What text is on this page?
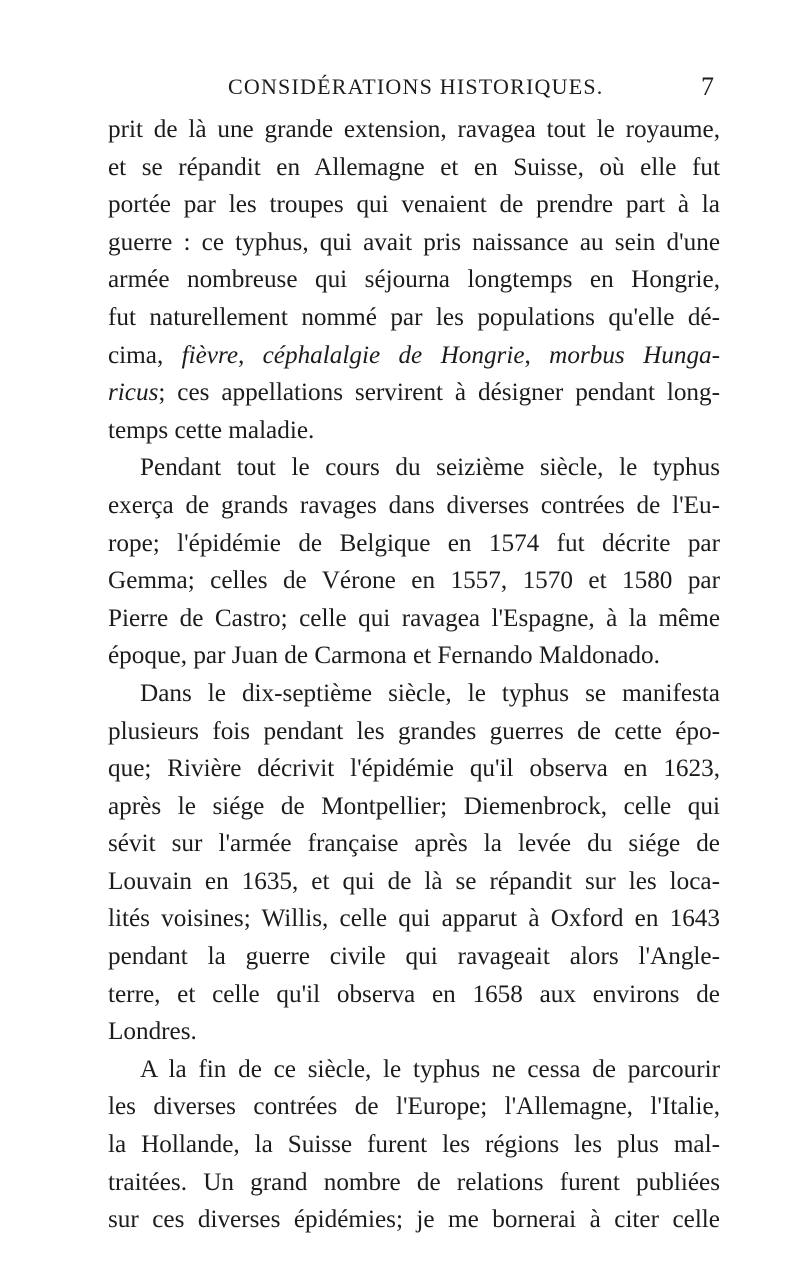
CONSIDÉRATIONS HISTORIQUES.	7
prit de là une grande extension, ravagea tout le royaume,
et se répandit en Allemagne et en Suisse, où elle fut
portée par les troupes qui venaient de prendre part à la
guerre : ce typhus, qui avait pris naissance au sein d'une
armée nombreuse qui séjourna longtemps en Hongrie,
fut naturellement nommé par les populations qu'elle dé-
cima, fièvre, céphalalgie de Hongrie, morbus Hunga-
ricus; ces appellations servirent à désigner pendant long-
temps cette maladie.
Pendant tout le cours du seizième siècle, le typhus
exerça de grands ravages dans diverses contrées de l'Eu-
rope; l'épidémie de Belgique en 1574 fut décrite par
Gemma; celles de Vérone en 1557, 1570 et 1580 par
Pierre de Castro; celle qui ravagea l'Espagne, à la même
époque, par Juan de Carmona et Fernando Maldonado.
Dans le dix-septième siècle, le typhus se manifesta
plusieurs fois pendant les grandes guerres de cette épo-
que; Rivière décrivit l'épidémie qu'il observa en 1623,
après le siége de Montpellier; Diemenbrock, celle qui
sévit sur l'armée française après la levée du siége de
Louvain en 1635, et qui de là se répandit sur les loca-
lités voisines; Willis, celle qui apparut à Oxford en 1643
pendant la guerre civile qui ravageait alors l'Angle-
terre, et celle qu'il observa en 1658 aux environs de
Londres.
A la fin de ce siècle, le typhus ne cessa de parcourir
les diverses contrées de l'Europe; l'Allemagne, l'Italie,
la Hollande, la Suisse furent les régions les plus mal-
traitées. Un grand nombre de relations furent publiées
sur ces diverses épidémies; je me bornerai à citer celle
